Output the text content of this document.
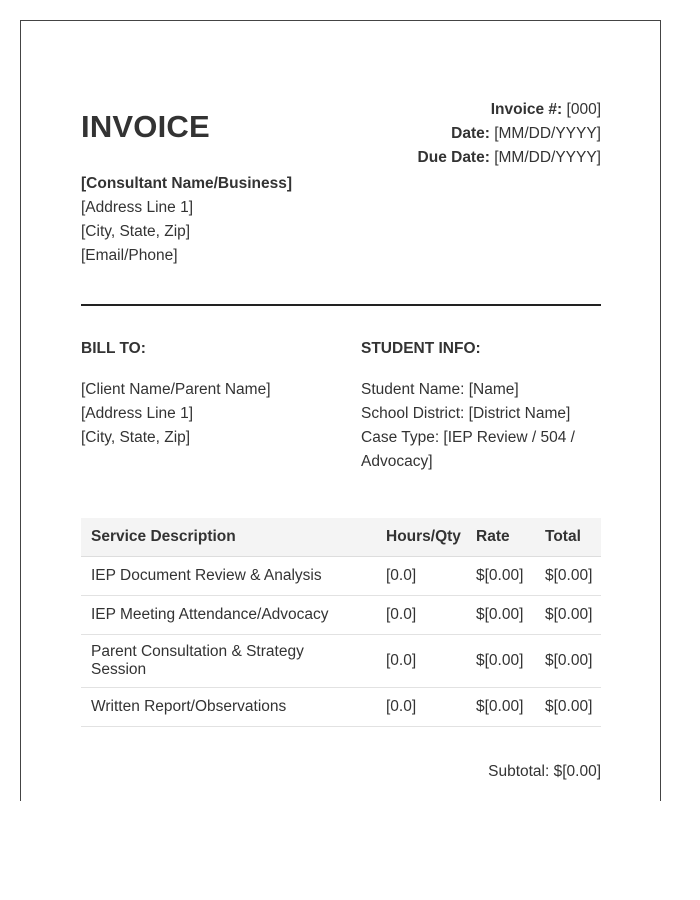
INVOICE	Invoice #: [000]
Date: [MM/DD/YYYY]
Due Date: [MM/DD/YYYY]
[Consultant Name/Business]
[Address Line 1]
[City, State, Zip]
[Email/Phone]
BILL TO:
[Client Name/Parent Name]
[Address Line 1]
[City, State, Zip]
STUDENT INFO:
Student Name: [Name]
School District: [District Name]
Case Type: [IEP Review / 504 / Advocacy]
Service Description	Hours/Qty	Rate	Total
IEP Document Review & Analysis	[0.0]	$[0.00]	$[0.00]
IEP Meeting Attendance/Advocacy	[0.0]	$[0.00]	$[0.00]
Parent Consultation & Strategy Session	[0.0]	$[0.00]	$[0.00]
Written Report/Observations	[0.0]	$[0.00]	$[0.00]
Subtotal: $[0.00]
